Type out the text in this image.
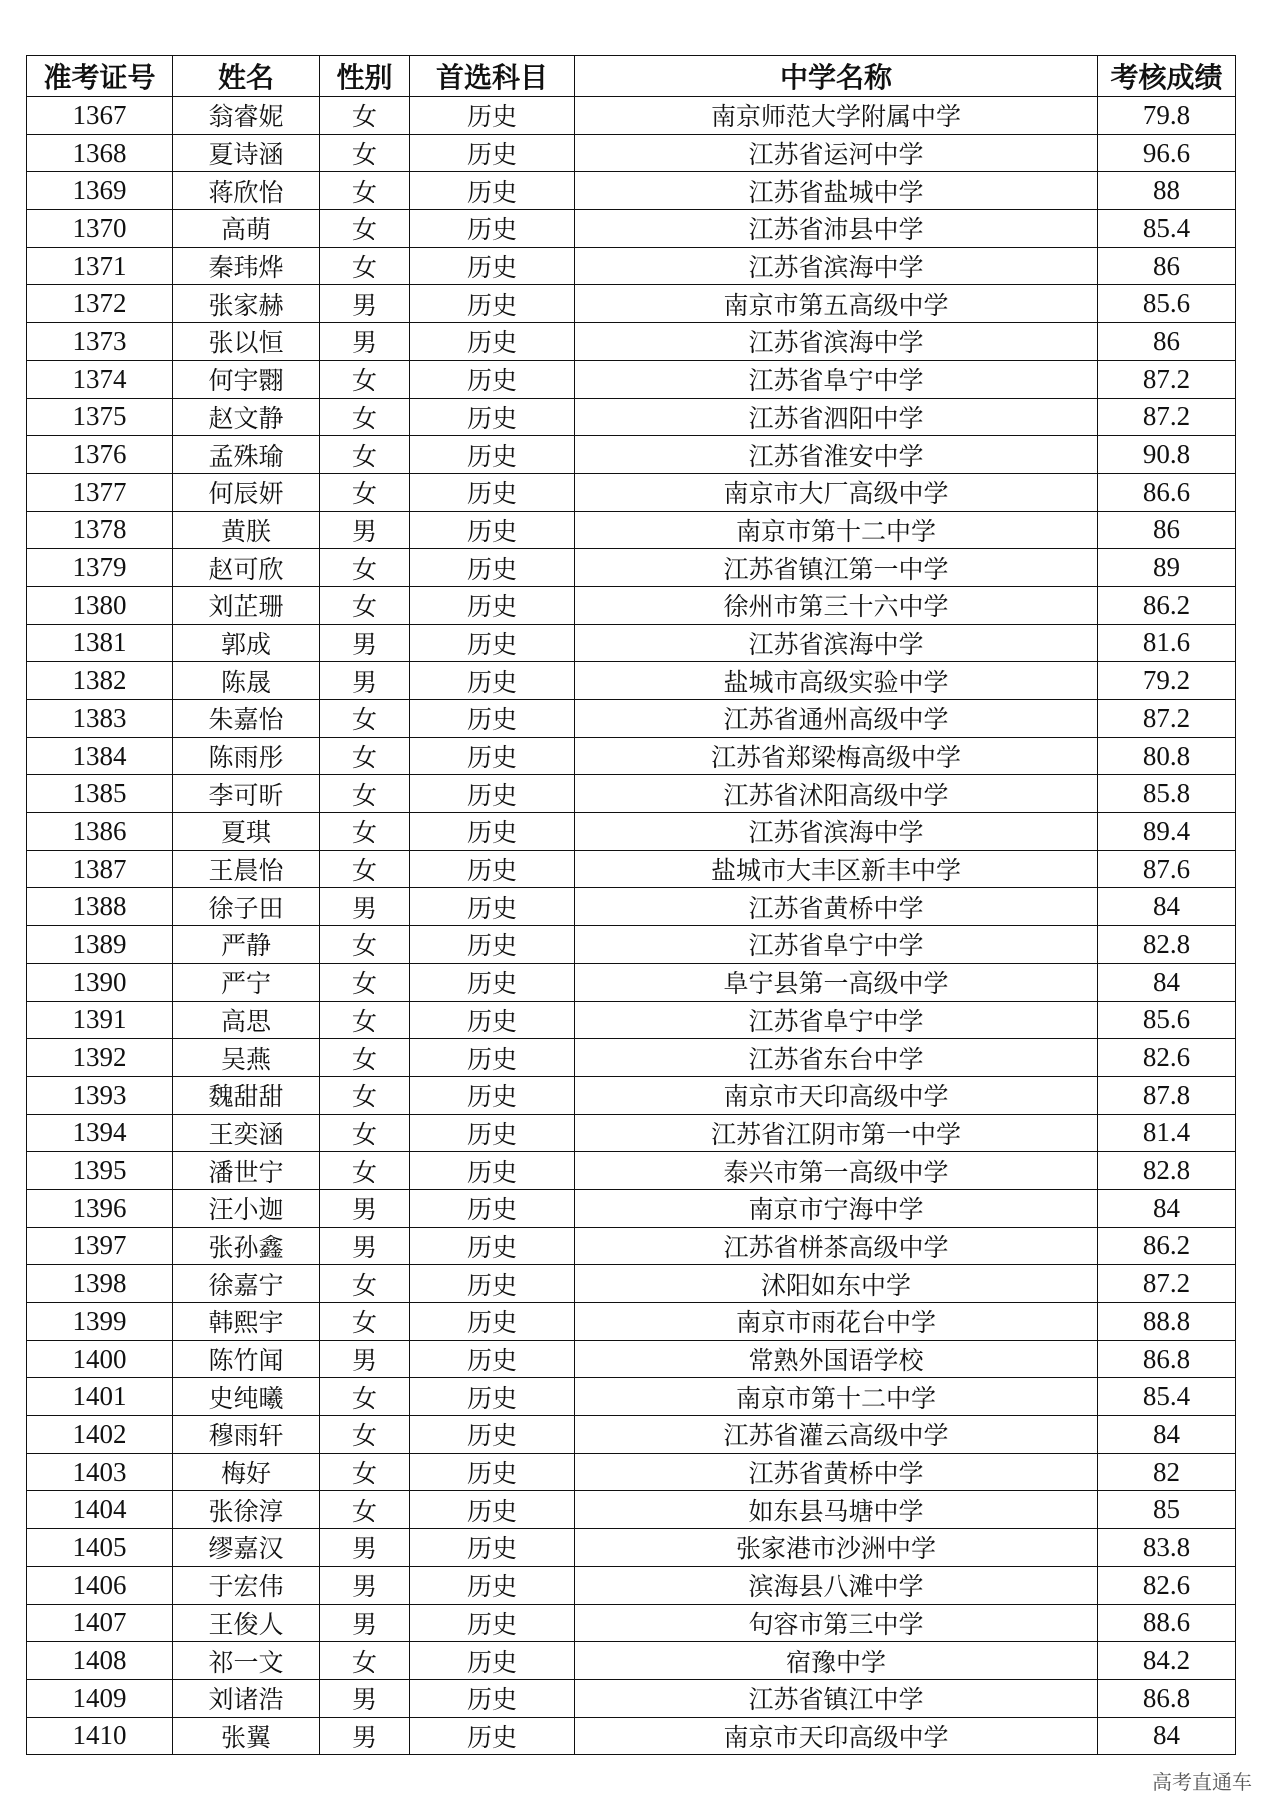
准考证号	姓名	性别	首选科目	中学名称	考核成绩
1367	翁睿妮	女	历史	南京师范大学附属中学	79.8
1368	夏诗涵	女	历史	江苏省运河中学	96.6
1369	蒋欣怡	女	历史	江苏省盐城中学	88
1370	高萌	女	历史	江苏省沛县中学	85.4
1371	秦玮烨	女	历史	江苏省滨海中学	86
1372	张家赫	男	历史	南京市第五高级中学	85.6
1373	张以恒	男	历史	江苏省滨海中学	86
1374	何宇翾	女	历史	江苏省阜宁中学	87.2
1375	赵文静	女	历史	江苏省泗阳中学	87.2
1376	孟殊瑜	女	历史	江苏省淮安中学	90.8
1377	何辰妍	女	历史	南京市大厂高级中学	86.6
1378	黄朕	男	历史	南京市第十二中学	86
1379	赵可欣	女	历史	江苏省镇江第一中学	89
1380	刘芷珊	女	历史	徐州市第三十六中学	86.2
1381	郭成	男	历史	江苏省滨海中学	81.6
1382	陈晟	男	历史	盐城市高级实验中学	79.2
1383	朱嘉怡	女	历史	江苏省通州高级中学	87.2
1384	陈雨彤	女	历史	江苏省郑梁梅高级中学	80.8
1385	李可昕	女	历史	江苏省沭阳高级中学	85.8
1386	夏琪	女	历史	江苏省滨海中学	89.4
1387	王晨怡	女	历史	盐城市大丰区新丰中学	87.6
1388	徐子田	男	历史	江苏省黄桥中学	84
1389	严静	女	历史	江苏省阜宁中学	82.8
1390	严宁	女	历史	阜宁县第一高级中学	84
1391	高思	女	历史	江苏省阜宁中学	85.6
1392	吴燕	女	历史	江苏省东台中学	82.6
1393	魏甜甜	女	历史	南京市天印高级中学	87.8
1394	王奕涵	女	历史	江苏省江阴市第一中学	81.4
1395	潘世宁	女	历史	泰兴市第一高级中学	82.8
1396	汪小迦	男	历史	南京市宁海中学	84
1397	张孙鑫	男	历史	江苏省栟茶高级中学	86.2
1398	徐嘉宁	女	历史	沭阳如东中学	87.2
1399	韩熙宇	女	历史	南京市雨花台中学	88.8
1400	陈竹闻	男	历史	常熟外国语学校	86.8
1401	史纯曦	女	历史	南京市第十二中学	85.4
1402	穆雨轩	女	历史	江苏省灌云高级中学	84
1403	梅好	女	历史	江苏省黄桥中学	82
1404	张徐淳	女	历史	如东县马塘中学	85
1405	缪嘉汉	男	历史	张家港市沙洲中学	83.8
1406	于宏伟	男	历史	滨海县八滩中学	82.6
1407	王俊人	男	历史	句容市第三中学	88.6
1408	祁一文	女	历史	宿豫中学	84.2
1409	刘诸浩	男	历史	江苏省镇江中学	86.8
1410	张翼	男	历史	南京市天印高级中学	84
高考直通车
